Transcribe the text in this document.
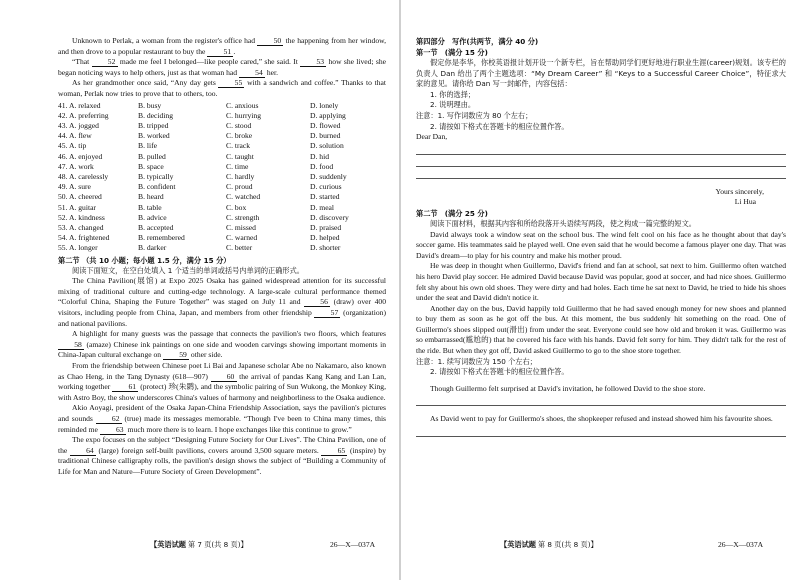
Unknown to Perlak, a woman from the register's office had 50 the happening from her window, and then drove to a popular restaurant to buy the 51 .

“That 52 made me feel I belonged—like people cared,” she said. It 53 how she lived; she began noticing ways to help others, just as that woman had 54 her.

As her grandmother once said, “Any day gets 55 with a sandwich and coffee.” Thanks to that woman, Perlak now tries to prove that to others, too.

41. A. relaxed	B. busy	C. anxious	D. lonely
42. A. preferring	B. deciding	C. hurrying	D. applying
43. A. jogged	B. tripped	C. stood	D. flowed
44. A. flew	B. worked	C. broke	D. burned
45. A. tip	B. life	C. track	D. solution
46. A. enjoyed	B. pulled	C. taught	D. hid
47. A. work	B. space	C. time	D. food
48. A. carelessly	B. typically	C. hardly	D. suddenly
49. A. sure	B. confident	C. proud	D. curious
50. A. cheered	B. heard	C. watched	D. started
51. A. guitar	B. table	C. box	D. meal
52. A. kindness	B. advice	C. strength	D. discovery
53. A. changed	B. accepted	C. missed	D. praised
54. A. frightened	B. remembered	C. warned	D. helped
55. A. longer	B. darker	C. better	D. shorter

第二节 （共 10 小题；每小题 1.5 分，满分 15 分）

阅读下面短文，在空白处填入 1 个适当的单词或括号内单词的正确形式。

The China Pavilion(展馆) at Expo 2025 Osaka has gained widespread attention for its successful mixing of traditional culture and cutting-edge technology. A large-scale cultural performance themed “Colorful China, Shaping the Future Together” was staged on July 11 and 56 (draw) over 400 visitors, including people from China, Japan, and members from other friendship 57 (organization) and national pavilions.

A highlight for many guests was the passage that connects the pavilion's two floors, which features 58 (amaze) Chinese ink paintings on one side and wooden carvings showing important moments in China-Japan cultural exchange on 59 other side.

From the friendship between Chinese poet Li Bai and Japanese scholar Abe no Nakamaro, also known as Chao Heng, in the Tang Dynasty (618—907) 60 the arrival of pandas Kang Kang and Lan Lan, working together 61 (protect) 珍(朱鹮), and the symbolic pairing of Sun Wukong, the Monkey King, with Astro Boy, the show underscores China's values of harmony and neighborliness to the Osaka audience.

Akio Aoyagi, president of the Osaka Japan-China Friendship Association, says the pavilion's pictures and sounds 62 (true) made its messages memorable. “Though I've been to China many times, this reminded me 63 much more there is to learn. I hope exchanges like this continue to grow.”

The expo focuses on the subject “Designing Future Society for Our Lives”. The China Pavilion, one of the 64 (large) foreign self-built pavilions, covers around 3,500 square meters. 65 (inspire) by traditional Chinese calligraphy rolls, the pavilion's design shows the subject of “Building a Community of Life for Man and Nature—Future Society of Green Development”.

【英语试题 第 7 页(共 8 页)】	26—X—037A

第四部分　写作(共两节，满分 40 分)

第一节　(满分 15 分)

假定你是李华，你校英语报计划开设一个新专栏，旨在帮助同学们更好地进行职业生涯(career)规划。该专栏的负责人 Dan 给出了两个主题选项：“My Dream Career” 和 “Keys to a Successful Career Choice”，特征求大家的意见。请你给 Dan 写一封邮件，内容包括：

1. 你的选择；

2. 说明理由。

注意：1. 写作词数应为 80 个左右；

2. 请按如下格式在答题卡的相应位置作答。

Dear Dan,

Yours sincerely,

Li Hua

第二节　(满分 25 分)

阅读下面材料，根据其内容和所给段落开头语续写两段，使之构成一篇完整的短文。

David always took a window seat on the school bus. The wind felt cool on his face as he thought about that day's soccer game. His teammates said he played well. One even said that he would become a famous player one day. That was David's dream—to play for his country and make his mother proud.

He was deep in thought when Guillermo, David's friend and fan at school, sat next to him. Guillermo often watched his hero David play soccer. He admired David because David was popular, good at soccer, and had nice shoes. Guillermo felt shy about his own old shoes. They were dirty and had holes. Each time he sat next to David, he tried to hide his shoes under the seat and David didn't notice it.

Another day on the bus, David happily told Guillermo that he had saved enough money for new shoes and planned to buy them as soon as he got off the bus. At this moment, the bus suddenly hit something on the road. One of Guillermo's shoes slipped out(滑出) from under the seat. Everyone could see how old and broken it was. Guillermo was so embarrassed(尴尬的) that he covered his face with his hands. David felt sorry for him. They didn't talk for the rest of the ride. But when they got off, David asked Guillermo to go to the shoe store together.

注意：1. 续写词数应为 150 个左右；

2. 请按如下格式在答题卡的相应位置作答。

Though Guillermo felt surprised at David's invitation, he followed David to the shoe store.

As David went to pay for Guillermo's shoes, the shopkeeper refused and instead showed him his favourite shoes.

【英语试题 第 8 页(共 8 页)】	26—X—037A
